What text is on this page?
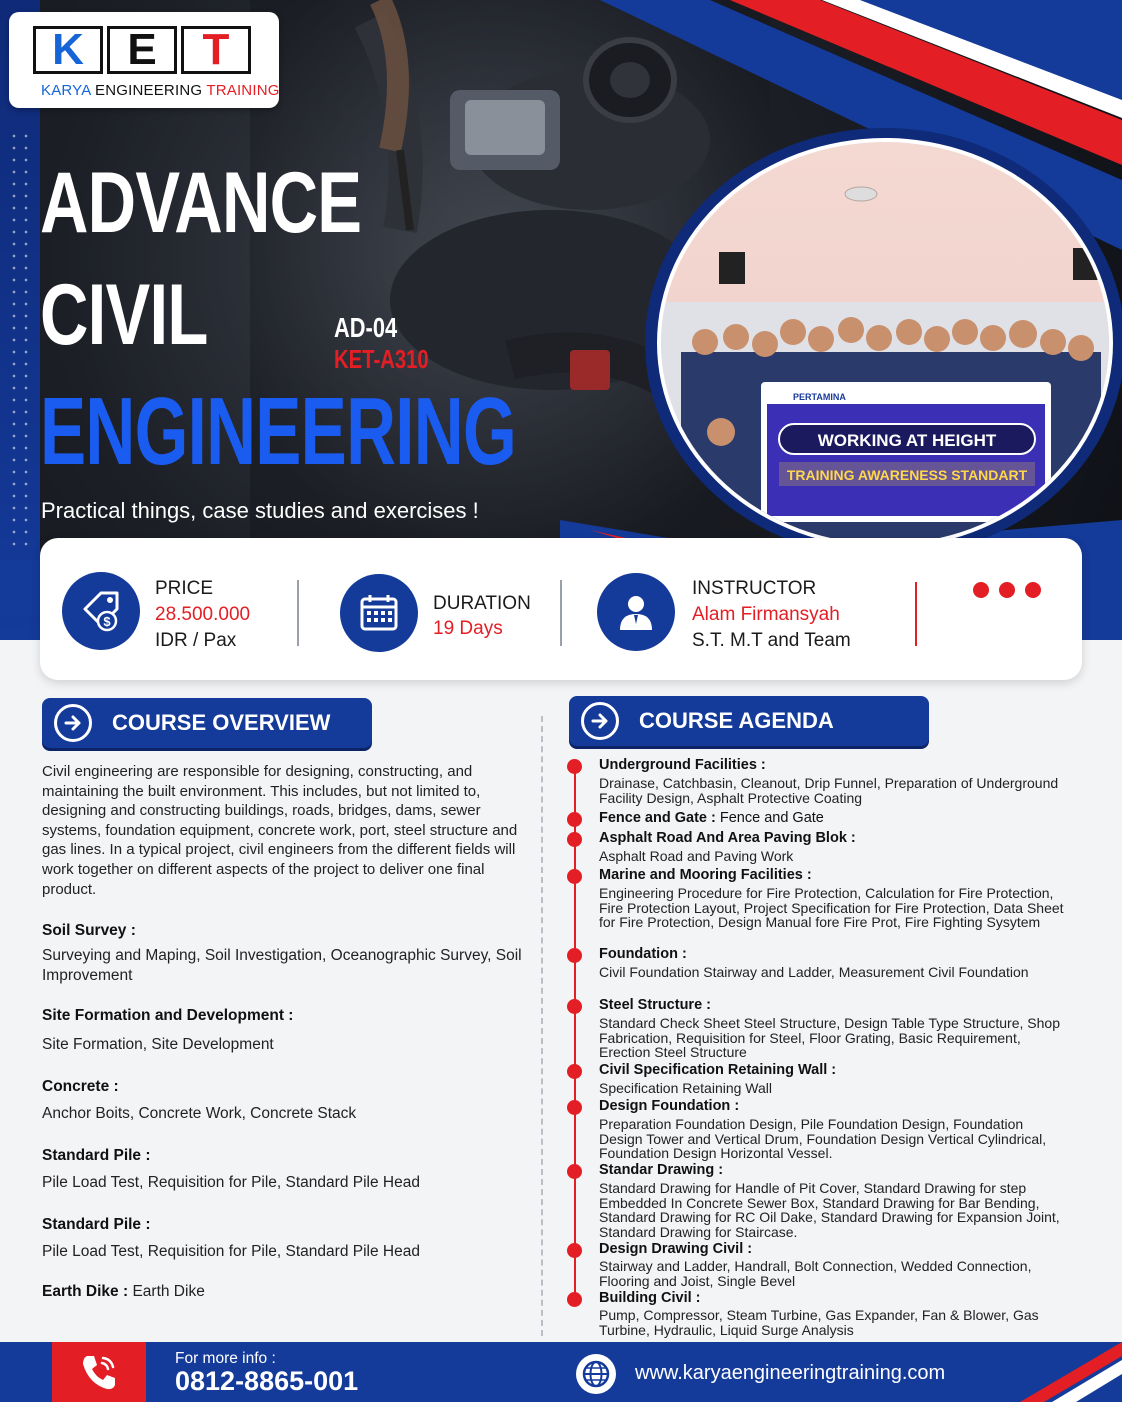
K E	T
KARYA ENGINEERING TRAINING
ADVANCE
CIVIL
ENGINEERING
AD-04
KET-A310
Practical things, case studies and exercises !
WORKING AT HEIGHT
TRAINING AWARENESS STANDART
PERTAMINA
$
PRICE
28.500.000
IDR / Pax
DURATION
19 Days
INSTRUCTOR
Alam Firmansyah
S.T. M.T and Team
COURSE OVERVIEW
Civil engineering are responsible for designing, constructing, and maintaining the built environment. This includes, but not limited to, designing and constructing buildings, roads, bridges, dams, sewer systems, foundation equipment, concrete work, port, steel structure and gas lines. In a typical project, civil engineers from the different fields will work together on different aspects of the project to deliver one final product.
Soil Survey :
Surveying and Maping, Soil Investigation, Oceanographic Survey, Soil Improvement
Site Formation and Development :
Site Formation, Site Development
Concrete :
Anchor Boits, Concrete Work, Concrete Stack
Standard Pile :
Pile Load Test, Requisition for Pile, Standard Pile Head
Standard Pile :
Pile Load Test, Requisition for Pile, Standard Pile Head
Earth Dike : Earth Dike
COURSE AGENDA
Underground Facilities :
Drainase, Catchbasin, Cleanout, Drip Funnel, Preparation of Underground Facility Design, Asphalt Protective Coating
Fence and Gate : Fence and Gate
Asphalt Road And Area Paving Blok :
Asphalt Road and Paving Work
Marine and Mooring Facilities :
Engineering Procedure for Fire Protection, Calculation for Fire Protection, Fire Protection Layout, Project Specification for Fire Protection, Data Sheet for Fire Protection, Design Manual fore Fire Prot, Fire Fighting Sysytem
Foundation :
Civil Foundation Stairway and Ladder, Measurement Civil Foundation
Steel Structure :
Standard Check Sheet Steel Structure, Design Table Type Structure, Shop Fabrication, Requisition for Steel, Floor Grating, Basic Requirement, Erection Steel Structure
Civil Specification Retaining Wall :
Specification Retaining Wall
Design Foundation :
Preparation Foundation Design, Pile Foundation Design, Foundation Design Tower and Vertical Drum, Foundation Design Vertical Cylindrical, Foundation Design Horizontal Vessel.
Standar Drawing :
Standard Drawing for Handle of Pit Cover, Standard Drawing for step Embedded In Concrete Sewer Box, Standard Drawing for Bar Bending, Standard Drawing for RC Oil Dake, Standard Drawing for Expansion Joint, Standard Drawing for Staircase.
Design Drawing Civil :
Stairway and Ladder, Handrall, Bolt Connection, Wedded Connection, Flooring and Joist, Single Bevel
Building Civil :
Pump, Compressor, Steam Turbine, Gas Expander, Fan & Blower, Gas Turbine, Hydraulic, Liquid Surge Analysis
For more info :
0812-8865-001	www.karyaengineeringtraining.com
